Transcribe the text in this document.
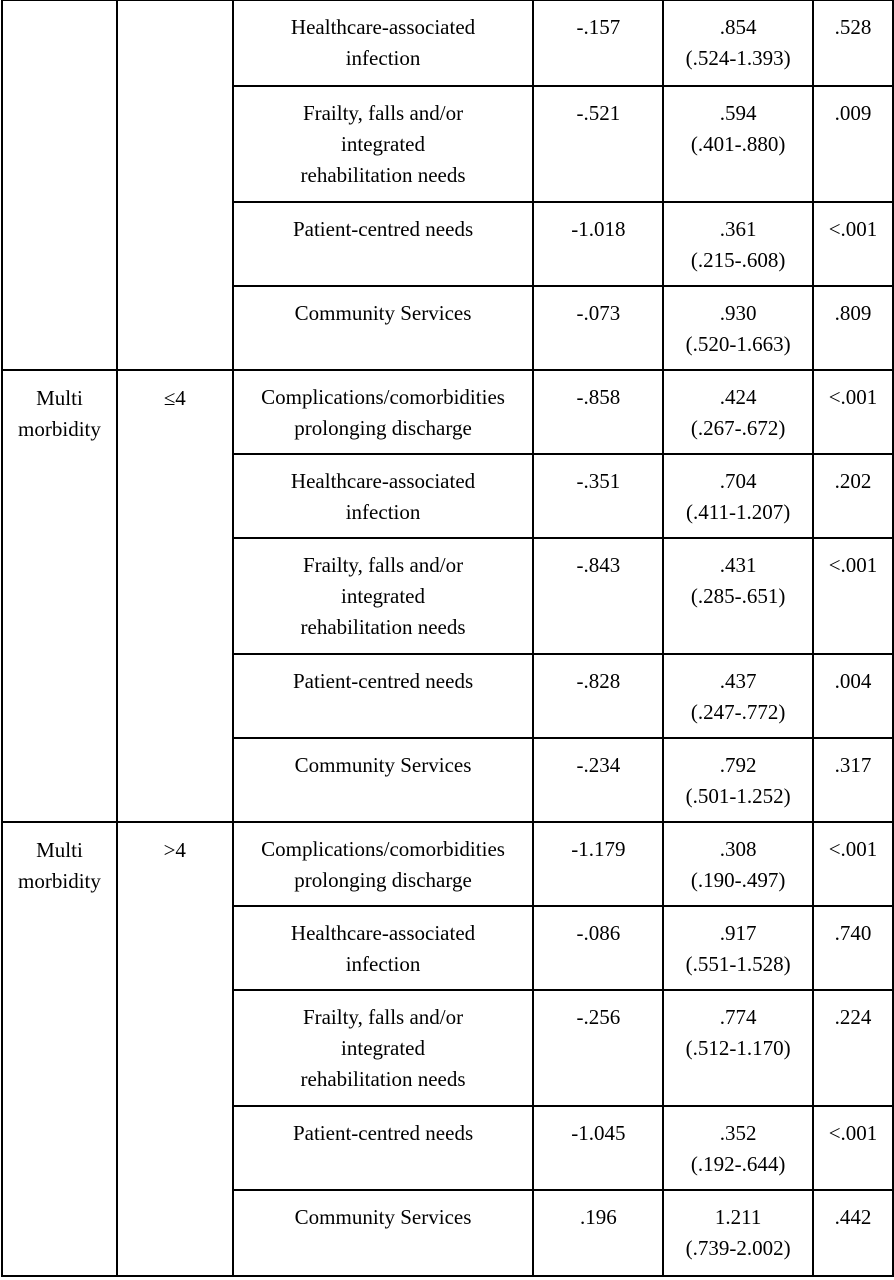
		Healthcare-associated
infection	-.157	.854
(.524-1.393)	.528
		Frailty, falls and/or
integrated
rehabilitation needs	-.521	.594
(.401-.880)	.009
		Patient-centred needs	-1.018	.361
(.215-.608)	<.001
		Community Services	-.073	.930
(.520-1.663)	.809
Multi
morbidity	≤4	Complications/comorbidities
prolonging discharge	-.858	.424
(.267-.672)	<.001
		Healthcare-associated
infection	-.351	.704
(.411-1.207)	.202
		Frailty, falls and/or
integrated
rehabilitation needs	-.843	.431
(.285-.651)	<.001
		Patient-centred needs	-.828	.437
(.247-.772)	.004
		Community Services	-.234	.792
(.501-1.252)	.317
Multi
morbidity	>4	Complications/comorbidities
prolonging discharge	-1.179	.308
(.190-.497)	<.001
		Healthcare-associated
infection	-.086	.917
(.551-1.528)	.740
		Frailty, falls and/or
integrated
rehabilitation needs	-.256	.774
(.512-1.170)	.224
		Patient-centred needs	-1.045	.352
(.192-.644)	<.001
		Community Services	.196	1.211
(.739-2.002)	.442
